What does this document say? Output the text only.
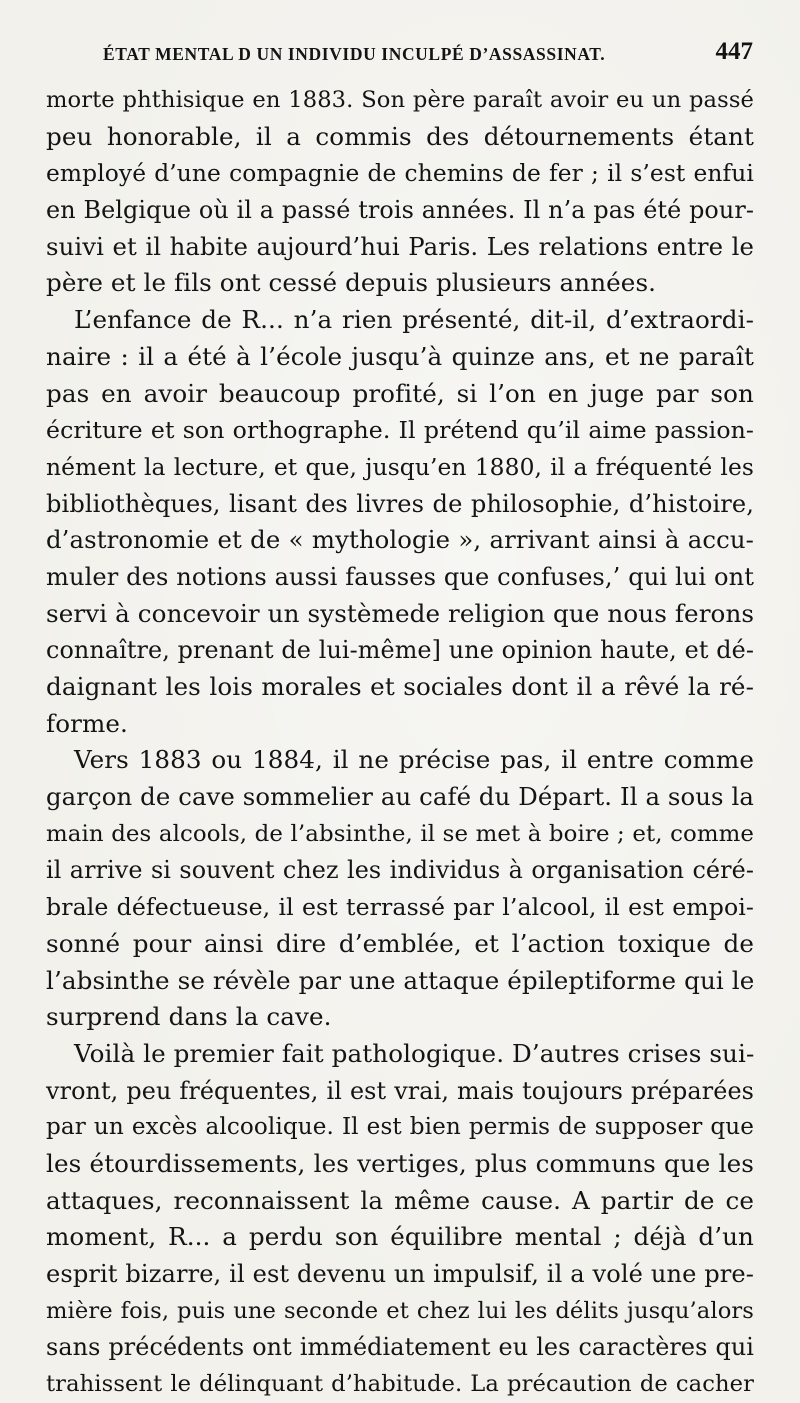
ÉTAT MENTAL D UN INDIVIDU INCULPÉ D’ASSASSINAT.	447
morte phthisique en 1883. Son père paraît avoir eu un passé
peu honorable, il a commis des détournements étant
employé d’une compagnie de chemins de fer ; il s’est enfui
en Belgique où il a passé trois années. Il n’a pas été pour-
suivi et il habite aujourd’hui Paris. Les relations entre le
père et le fils ont cessé depuis plusieurs années.
L’enfance de R... n’a rien présenté, dit-il, d’extraordi-
naire : il a été à l’école jusqu’à quinze ans, et ne paraît
pas en avoir beaucoup profité, si l’on en juge par son
écriture et son orthographe. Il prétend qu’il aime passion-
nément la lecture, et que, jusqu’en 1880, il a fréquenté les
bibliothèques, lisant des livres de philosophie, d’histoire,
d’astronomie et de « mythologie », arrivant ainsi à accu-
muler des notions aussi fausses que confuses,’ qui lui ont
servi à concevoir un systèmede religion que nous ferons
connaître, prenant de lui-même] une opinion haute, et dé-
daignant les lois morales et sociales dont il a rêvé la ré-
forme.
Vers 1883 ou 1884, il ne précise pas, il entre comme
garçon de cave sommelier au café du Départ. Il a sous la
main des alcools, de l’absinthe, il se met à boire ; et, comme
il arrive si souvent chez les individus à organisation céré-
brale défectueuse, il est terrassé par l’alcool, il est empoi-
sonné pour ainsi dire d’emblée, et l’action toxique de
l’absinthe se révèle par une attaque épileptiforme qui le
surprend dans la cave.
Voilà le premier fait pathologique. D’autres crises sui-
vront, peu fréquentes, il est vrai, mais toujours préparées
par un excès alcoolique. Il est bien permis de supposer que
les étourdissements, les vertiges, plus communs que les
attaques, reconnaissent la même cause. A partir de ce
moment, R... a perdu son équilibre mental ; déjà d’un
esprit bizarre, il est devenu un impulsif, il a volé une pre-
mière fois, puis une seconde et chez lui les délits jusqu’alors
sans précédents ont immédiatement eu les caractères qui
trahissent le délinquant d’habitude. La précaution de cacher
